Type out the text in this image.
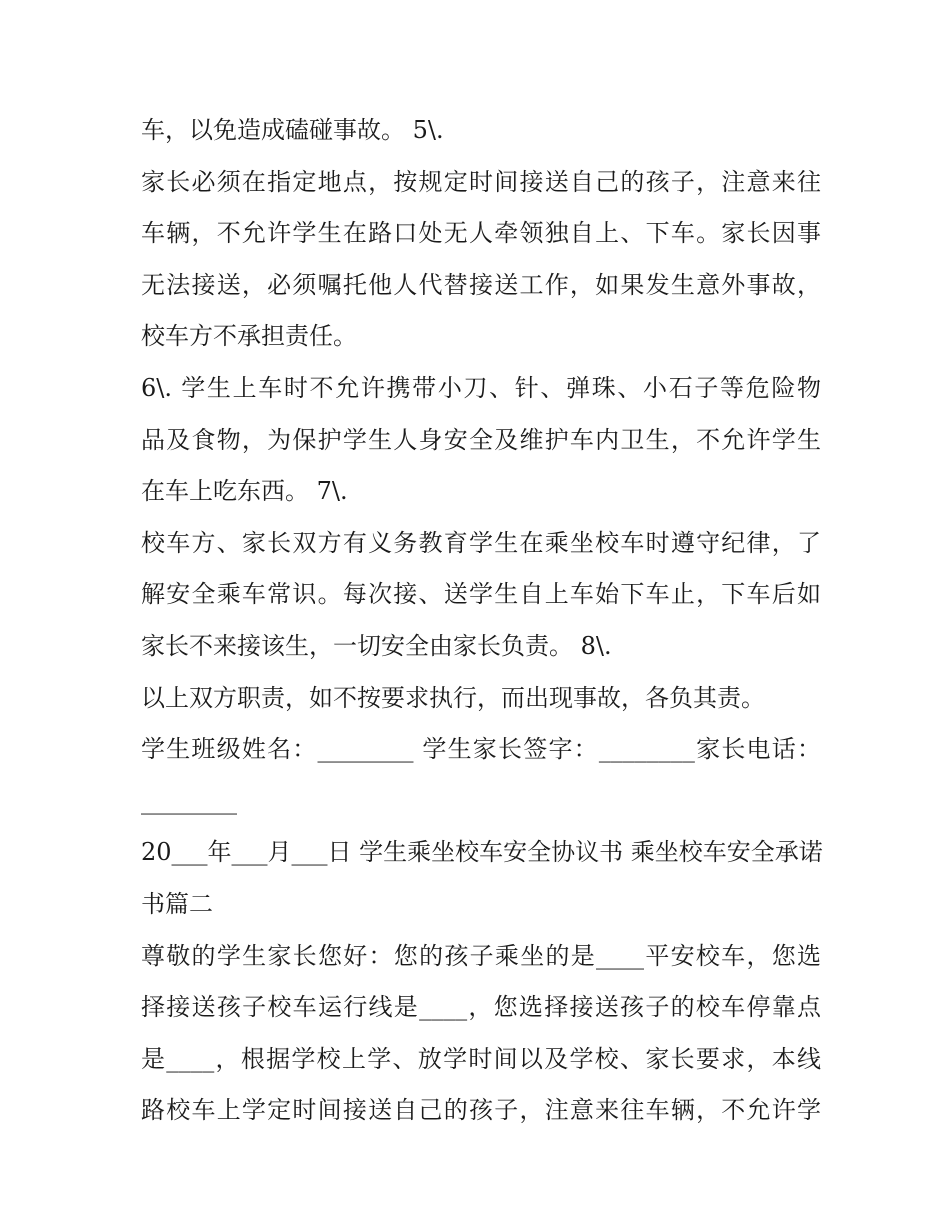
车，以免造成磕碰事故。 5\.
家长必须在指定地点，按规定时间接送自己的孩子，注意来往
车辆，不允许学生在路口处无人牵领独自上、下车。家长因事
无法接送，必须嘱托他人代替接送工作，如果发生意外事故，
校车方不承担责任。
6\. 学生上车时不允许携带小刀、针、弹珠、小石子等危险物
品及食物，为保护学生人身安全及维护车内卫生，不允许学生
在车上吃东西。 7\.
校车方、家长双方有义务教育学生在乘坐校车时遵守纪律，了
解安全乘车常识。每次接、送学生自上车始下车止，下车后如
家长不来接该生，一切安全由家长负责。 8\.
以上双方职责，如不按要求执行，而出现事故，各负其责。
学生班级姓名：________ 学生家长签字：________家长电话：
________
20___年___月___日 学生乘坐校车安全协议书 乘坐校车安全承诺
书篇二
尊敬的学生家长您好：您的孩子乘坐的是____平安校车，您选
择接送孩子校车运行线是____，您选择接送孩子的校车停靠点
是____，根据学校上学、放学时间以及学校、家长要求，本线
路校车上学定时间接送自己的孩子，注意来往车辆，不允许学
